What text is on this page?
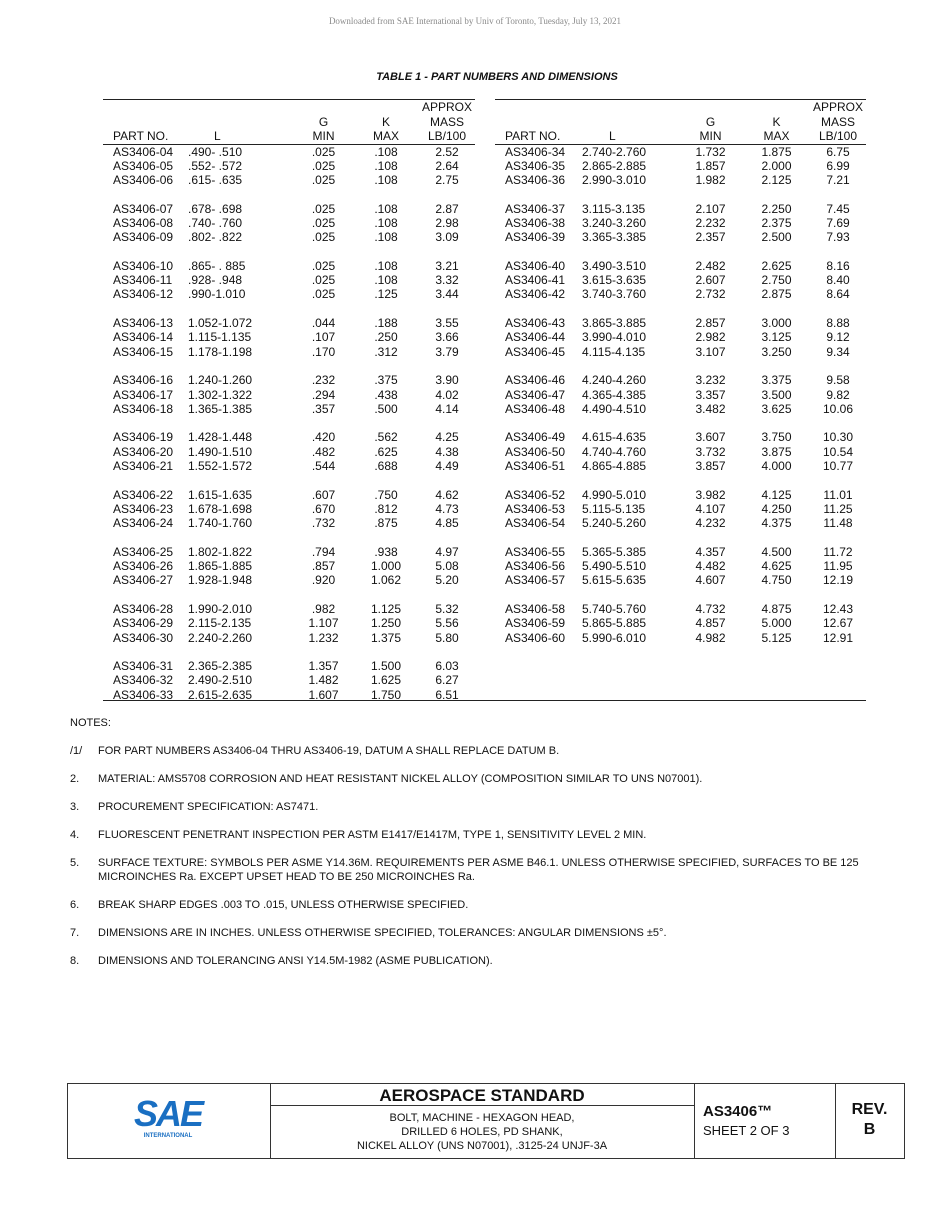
Downloaded from SAE International by Univ of Toronto, Tuesday, July 13, 2021
TABLE 1 - PART NUMBERS AND DIMENSIONS
				APPROX
		G	K	MASS
PART NO.	L	MIN	MAX	LB/100
AS3406-04	.490- .510	.025	.108	2.52
AS3406-05	.552- .572	.025	.108	2.64
AS3406-06	.615- .635	.025	.108	2.75

AS3406-07	.678- .698	.025	.108	2.87
AS3406-08	.740- .760	.025	.108	2.98
AS3406-09	.802- .822	.025	.108	3.09

AS3406-10	.865- . 885	.025	.108	3.21
AS3406-11	.928- .948	.025	.108	3.32
AS3406-12	.990-1.010	.025	.125	3.44

AS3406-13	1.052-1.072	.044	.188	3.55
AS3406-14	1.115-1.135	.107	.250	3.66
AS3406-15	1.178-1.198	.170	.312	3.79

AS3406-16	1.240-1.260	.232	.375	3.90
AS3406-17	1.302-1.322	.294	.438	4.02
AS3406-18	1.365-1.385	.357	.500	4.14

AS3406-19	1.428-1.448	.420	.562	4.25
AS3406-20	1.490-1.510	.482	.625	4.38
AS3406-21	1.552-1.572	.544	.688	4.49

AS3406-22	1.615-1.635	.607	.750	4.62
AS3406-23	1.678-1.698	.670	.812	4.73
AS3406-24	1.740-1.760	.732	.875	4.85

AS3406-25	1.802-1.822	.794	.938	4.97
AS3406-26	1.865-1.885	.857	1.000	5.08
AS3406-27	1.928-1.948	.920	1.062	5.20

AS3406-28	1.990-2.010	.982	1.125	5.32
AS3406-29	2.115-2.135	1.107	1.250	5.56
AS3406-30	2.240-2.260	1.232	1.375	5.80

AS3406-31	2.365-2.385	1.357	1.500	6.03
AS3406-32	2.490-2.510	1.482	1.625	6.27
AS3406-33	2.615-2.635	1.607	1.750	6.51
				APPROX
		G	K	MASS
PART NO.	L	MIN	MAX	LB/100
AS3406-34	2.740-2.760	1.732	1.875	6.75
AS3406-35	2.865-2.885	1.857	2.000	6.99
AS3406-36	2.990-3.010	1.982	2.125	7.21

AS3406-37	3.115-3.135	2.107	2.250	7.45
AS3406-38	3.240-3.260	2.232	2.375	7.69
AS3406-39	3.365-3.385	2.357	2.500	7.93

AS3406-40	3.490-3.510	2.482	2.625	8.16
AS3406-41	3.615-3.635	2.607	2.750	8.40
AS3406-42	3.740-3.760	2.732	2.875	8.64

AS3406-43	3.865-3.885	2.857	3.000	8.88
AS3406-44	3.990-4.010	2.982	3.125	9.12
AS3406-45	4.115-4.135	3.107	3.250	9.34

AS3406-46	4.240-4.260	3.232	3.375	9.58
AS3406-47	4.365-4.385	3.357	3.500	9.82
AS3406-48	4.490-4.510	3.482	3.625	10.06

AS3406-49	4.615-4.635	3.607	3.750	10.30
AS3406-50	4.740-4.760	3.732	3.875	10.54
AS3406-51	4.865-4.885	3.857	4.000	10.77

AS3406-52	4.990-5.010	3.982	4.125	11.01
AS3406-53	5.115-5.135	4.107	4.250	11.25
AS3406-54	5.240-5.260	4.232	4.375	11.48

AS3406-55	5.365-5.385	4.357	4.500	11.72
AS3406-56	5.490-5.510	4.482	4.625	11.95
AS3406-57	5.615-5.635	4.607	4.750	12.19

AS3406-58	5.740-5.760	4.732	4.875	12.43
AS3406-59	5.865-5.885	4.857	5.000	12.67
AS3406-60	5.990-6.010	4.982	5.125	12.91
NOTES:
/1/	FOR PART NUMBERS AS3406-04 THRU AS3406-19, DATUM A SHALL REPLACE DATUM B.
2.	MATERIAL: AMS5708 CORROSION AND HEAT RESISTANT NICKEL ALLOY (COMPOSITION SIMILAR TO UNS N07001).
3.	PROCUREMENT SPECIFICATION: AS7471.
4.	FLUORESCENT PENETRANT INSPECTION PER ASTM E1417/E1417M, TYPE 1, SENSITIVITY LEVEL 2 MIN.
5.	SURFACE TEXTURE: SYMBOLS PER ASME Y14.36M. REQUIREMENTS PER ASME B46.1. UNLESS OTHERWISE SPECIFIED, SURFACES TO BE 125 MICROINCHES Ra. EXCEPT UPSET HEAD TO BE 250 MICROINCHES Ra.
6.	BREAK SHARP EDGES .003 TO .015, UNLESS OTHERWISE SPECIFIED.
7.	DIMENSIONS ARE IN INCHES. UNLESS OTHERWISE SPECIFIED, TOLERANCES: ANGULAR DIMENSIONS ±5°.
8.	DIMENSIONS AND TOLERANCING ANSI Y14.5M-1982 (ASME PUBLICATION).
SAE
INTERNATIONAL
AEROSPACE STANDARD
BOLT, MACHINE - HEXAGON HEAD,
DRILLED 6 HOLES, PD SHANK,
NICKEL ALLOY (UNS N07001), .3125-24 UNJF-3A
AS3406™
SHEET 2 OF 3
REV.
B
